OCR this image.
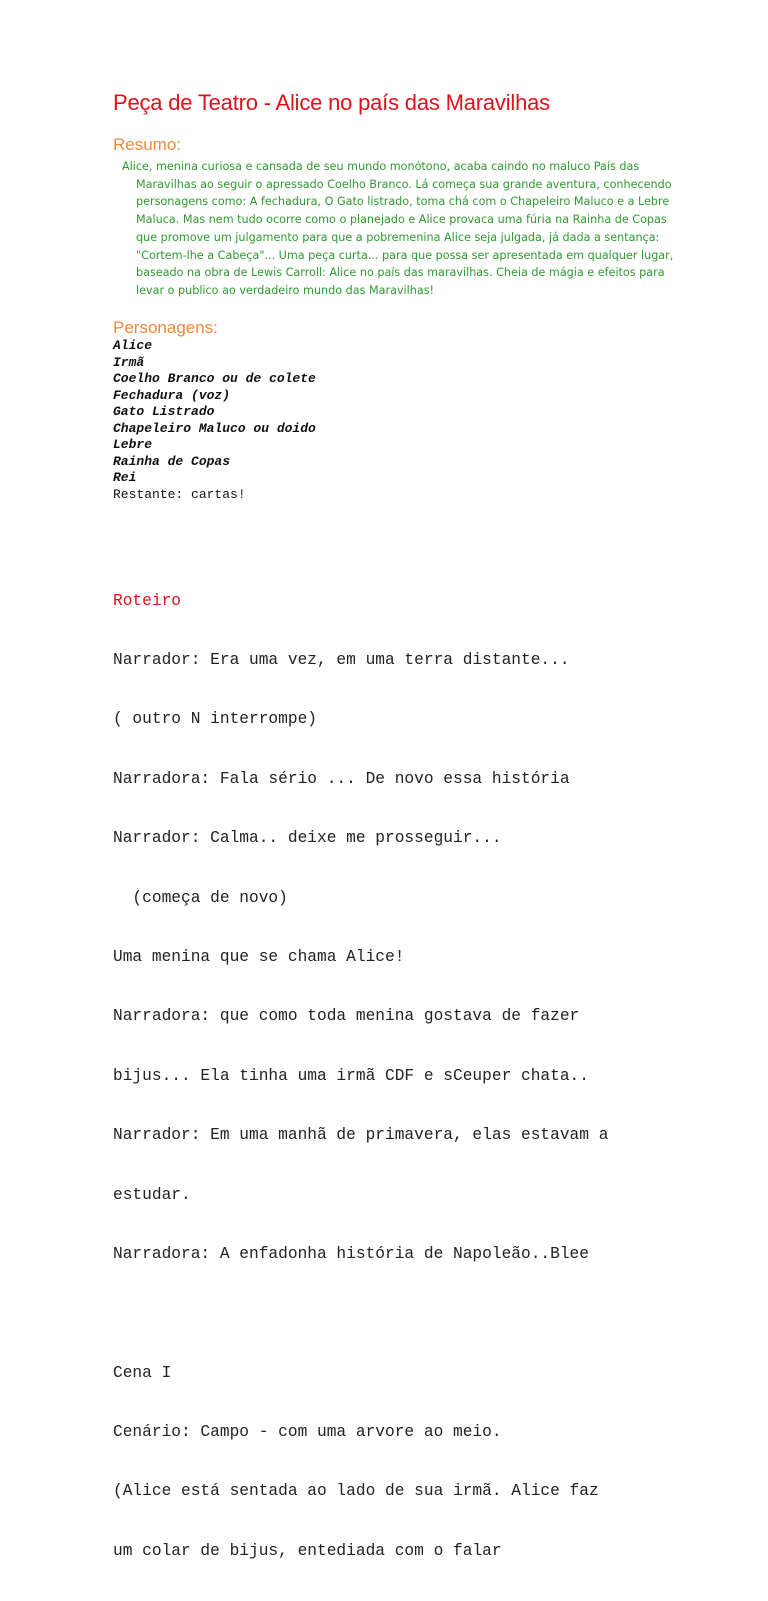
Peça de Teatro - Alice no país das Maravilhas
Resumo:

Alice, menina curiosa e cansada de seu mundo monótono, acaba caindo no maluco País das Maravilhas ao seguir o apressado Coelho Branco. Lá começa sua grande aventura, conhecendo personagens como: A fechadura, O Gato listrado, toma chá com o Chapeleiro Maluco e a Lebre Maluca. Mas nem tudo ocorre como o planejado e Alice provaca uma fúria na Rainha de Copas que promove um julgamento para que a pobremenina Alice seja julgada, já dada a sentança: "Cortem-lhe a Cabeça"... Uma peça curta... para que possa ser apresentada em qualquer lugar, baseado na obra de Lewis Carroll: Alice no país das maravilhas. Cheia de mágia e efeitos para levar o publico ao verdadeiro mundo das Maravilhas!

Personagens:
Alice
Irmã
Coelho Branco ou de colete
Fechadura (voz)
Gato Listrado
Chapeleiro Maluco ou doido
Lebre
Rainha de Copas
Rei
Restante: cartas!

Roteiro

Narrador: Era uma vez, em uma terra distante...

( outro N interrompe)

Narradora: Fala sério ... De novo essa história

Narrador: Calma.. deixe me prosseguir...

(começa de novo)

Uma menina que se chama Alice!

Narradora: que como toda menina gostava de fazer

bijus... Ela tinha uma irmã CDF e sCeuper chata..

Narrador: Em uma manhã de primavera, elas estavam a

estudar.

Narradora: A enfadonha história de Napoleão..Blee

Cena I

Cenário: Campo - com uma arvore ao meio.

(Alice está sentada ao lado de sua irmã. Alice faz

um colar de bijus, entediada com o falar
